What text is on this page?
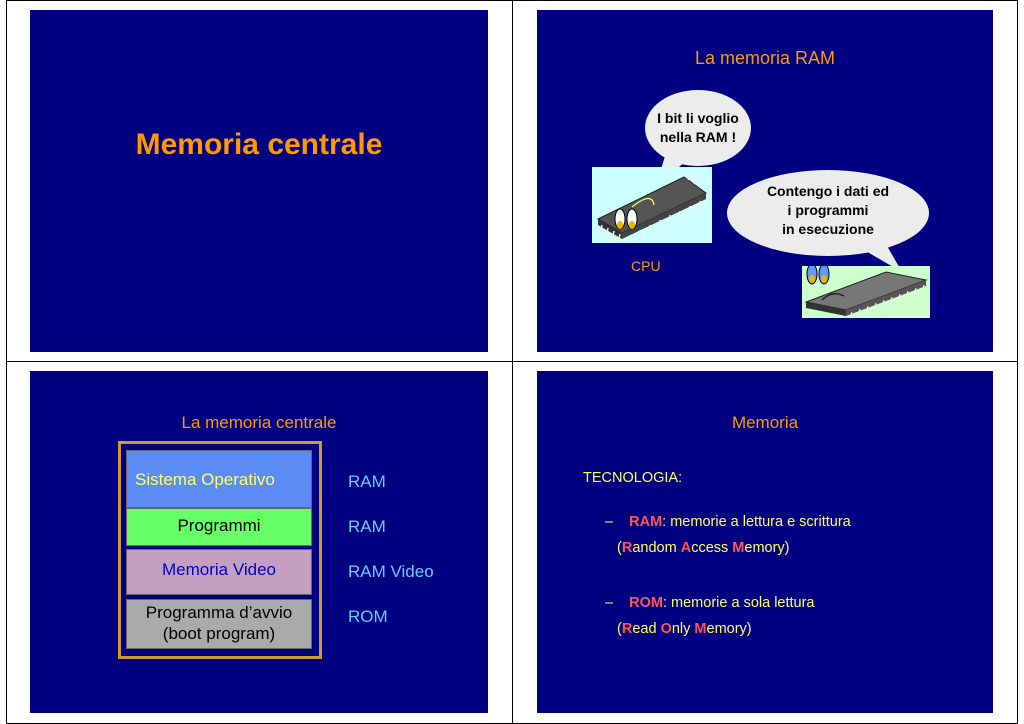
Memoria centrale
La memoria RAM
I bit li voglio
nella RAM !
Contengo i dati ed
i programmi
in esecuzione
CPU
La memoria centrale
Sistema Operativo
Programmi
Memoria Video
Programma d’avvio
(boot program)
RAM
RAM
RAM Video
ROM
Memoria
TECNOLOGIA:
– RAM: memorie a lettura e scrittura
(Random Access Memory)
– ROM: memorie a sola lettura
(Read Only Memory)
